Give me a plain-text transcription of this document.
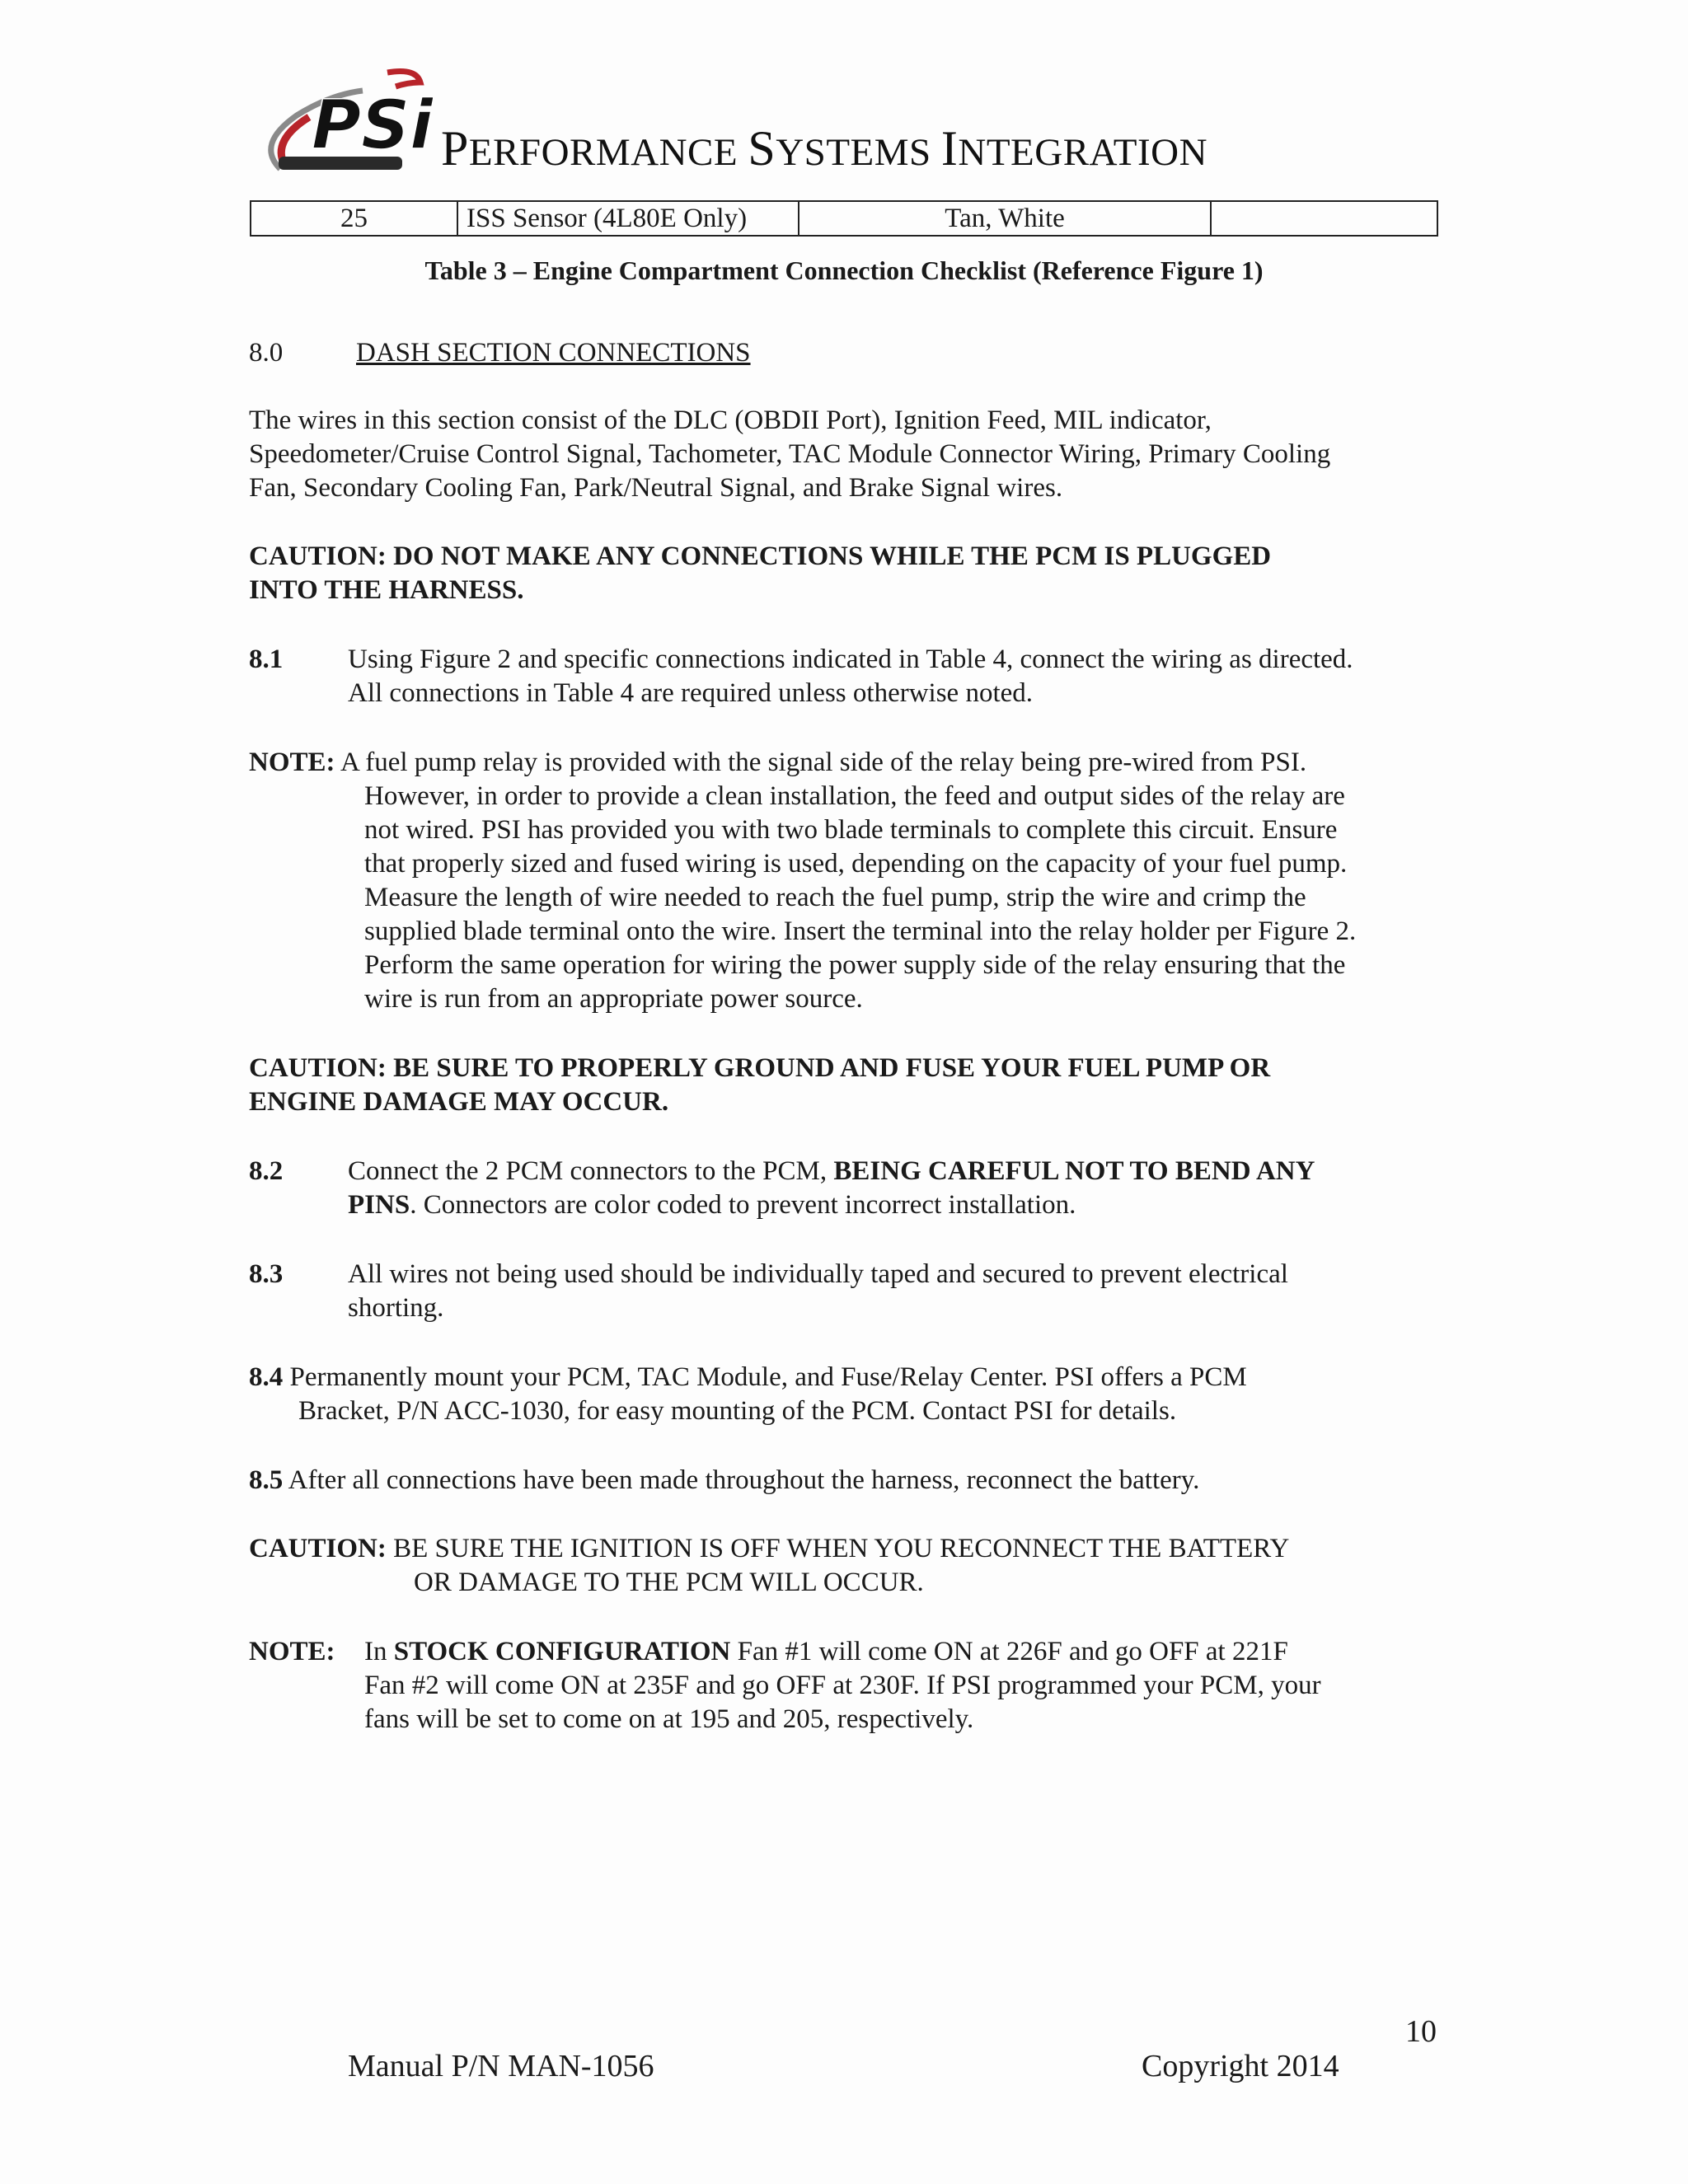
PSi PERFORMANCE SYSTEMS INTEGRATION
25	ISS Sensor (4L80E Only)	Tan, White	
Table 3 – Engine Compartment Connection Checklist (Reference Figure 1)
8.0	DASH SECTION CONNECTIONS
The wires in this section consist of the DLC (OBDII Port), Ignition Feed, MIL indicator,
Speedometer/Cruise Control Signal, Tachometer, TAC Module Connector Wiring, Primary Cooling
Fan, Secondary Cooling Fan, Park/Neutral Signal, and Brake Signal wires.
CAUTION: DO NOT MAKE ANY CONNECTIONS WHILE THE PCM IS PLUGGED
INTO THE HARNESS.
8.1 Using Figure 2 and specific connections indicated in Table 4, connect the wiring as directed.
All connections in Table 4 are required unless otherwise noted.
NOTE: A fuel pump relay is provided with the signal side of the relay being pre-wired from PSI.
However, in order to provide a clean installation, the feed and output sides of the relay are
not wired. PSI has provided you with two blade terminals to complete this circuit. Ensure
that properly sized and fused wiring is used, depending on the capacity of your fuel pump.
Measure the length of wire needed to reach the fuel pump, strip the wire and crimp the
supplied blade terminal onto the wire. Insert the terminal into the relay holder per Figure 2.
Perform the same operation for wiring the power supply side of the relay ensuring that the
wire is run from an appropriate power source.
CAUTION: BE SURE TO PROPERLY GROUND AND FUSE YOUR FUEL PUMP OR
ENGINE DAMAGE MAY OCCUR.
8.2 Connect the 2 PCM connectors to the PCM, BEING CAREFUL NOT TO BEND ANY
PINS. Connectors are color coded to prevent incorrect installation.
8.3 All wires not being used should be individually taped and secured to prevent electrical
shorting.
8.4 Permanently mount your PCM, TAC Module, and Fuse/Relay Center. PSI offers a PCM
Bracket, P/N ACC-1030, for easy mounting of the PCM. Contact PSI for details.
8.5 After all connections have been made throughout the harness, reconnect the battery.
CAUTION: BE SURE THE IGNITION IS OFF WHEN YOU RECONNECT THE BATTERY
OR DAMAGE TO THE PCM WILL OCCUR.
NOTE: In STOCK CONFIGURATION Fan #1 will come ON at 226F and go OFF at 221F
Fan #2 will come ON at 235F and go OFF at 230F. If PSI programmed your PCM, your
fans will be set to come on at 195 and 205, respectively.
10
Manual P/N MAN-1056	Copyright 2014
